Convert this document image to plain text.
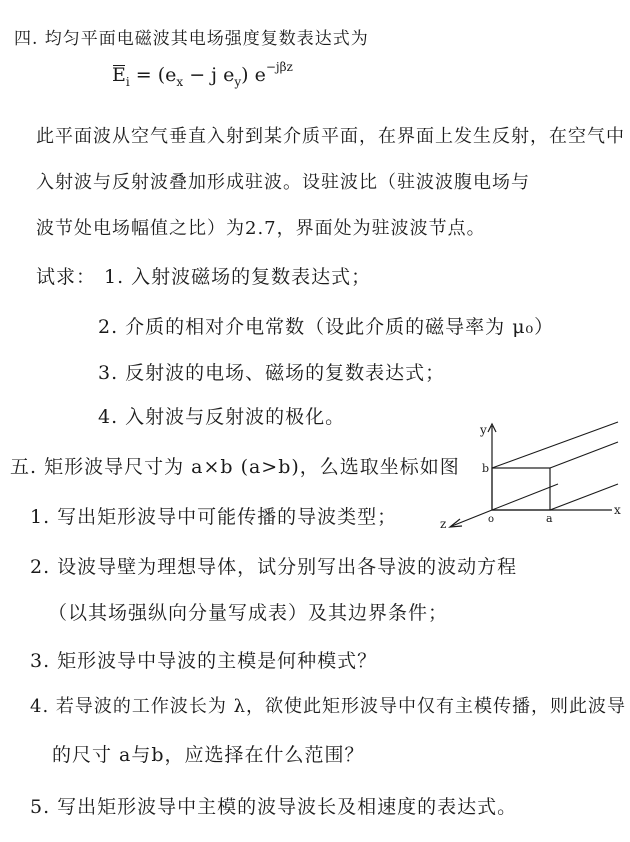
四. 均匀平面电磁波其电场强度复数表达式为
$E_i = (e_x - j$ $e_y$) $e^{-j\beta z}$
此平面波从空气垂直入射到某介质平面，在界面上发生反射，在空气中
入射波与反射波叠加形成驻波。设驻波比（驻波波腹电场与
波节处电场幅值之比）为2.7，界面处为驻波波节点。
试求： 1. 入射波磁场的复数表达式；
2. 介质的相对介电常数（设此介质的磁导率为 μ₀）
3. 反射波的电场、磁场的复数表达式；
4. 入射波与反射波的极化。
五. 矩形波导尺寸为 a×b (a>b)，么选取坐标如图
1. 写出矩形波导中可能传播的导波类型；
2. 设波导壁为理想导体，试分别写出各导波的波动方程
（以其场强纵向分量写成表）及其边界条件；
3. 矩形波导中导波的主模是何种模式？
4. 若导波的工作波长为 λ，欲使此矩形波导中仅有主模传播，则此波导
的尺寸 a与b，应选择在什么范围？
5. 写出矩形波导中主模的波导波长及相速度的表达式。
y
x
z	o	a
b
